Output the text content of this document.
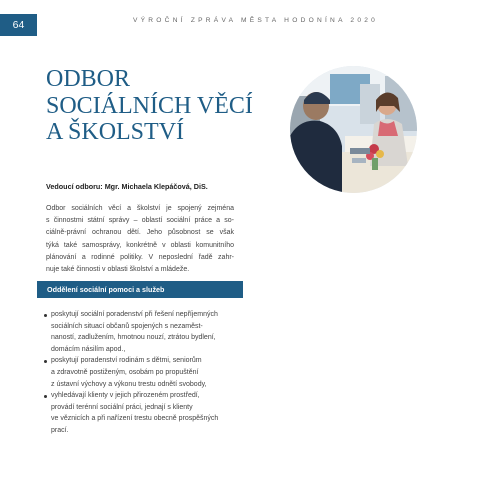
64	VÝROČNÍ ZPRÁVA MĚSTA HODONÍNA 2020
ODBOR
SOCIÁLNÍCH VĚCÍ
A ŠKOLSTVÍ
Vedoucí odboru: Mgr. Michaela Klepáčová, DiS.
Odbor sociálních věcí a školství je spojený zejména
s činnostmi státní správy – oblastí sociální práce a so-
ciálně-právní ochranou dětí. Jeho působnost se však
týká také samosprávy, konkrétně v oblasti komunitního
plánování a rodinné politiky. V neposlední řadě zahr-
nuje také činnosti v oblasti školství a mládeže.
Oddělení sociální pomoci a služeb
poskytují sociální poradenství při řešení nepříjemných
sociálních situací občanů spojených s nezaměst-
naností, zadlužením, hmotnou nouzí, ztrátou bydlení,
domácím násilím apod.,
poskytují poradenství rodinám s dětmi, seniorům
a zdravotně postiženým, osobám po propuštění
z ústavní výchovy a výkonu trestu odnětí svobody,
vyhledávají klienty v jejich přirozeném prostředí,
provádí terénní sociální práci, jednají s klienty
ve věznicích a při nařízení trestu obecně prospěšných
prací.
